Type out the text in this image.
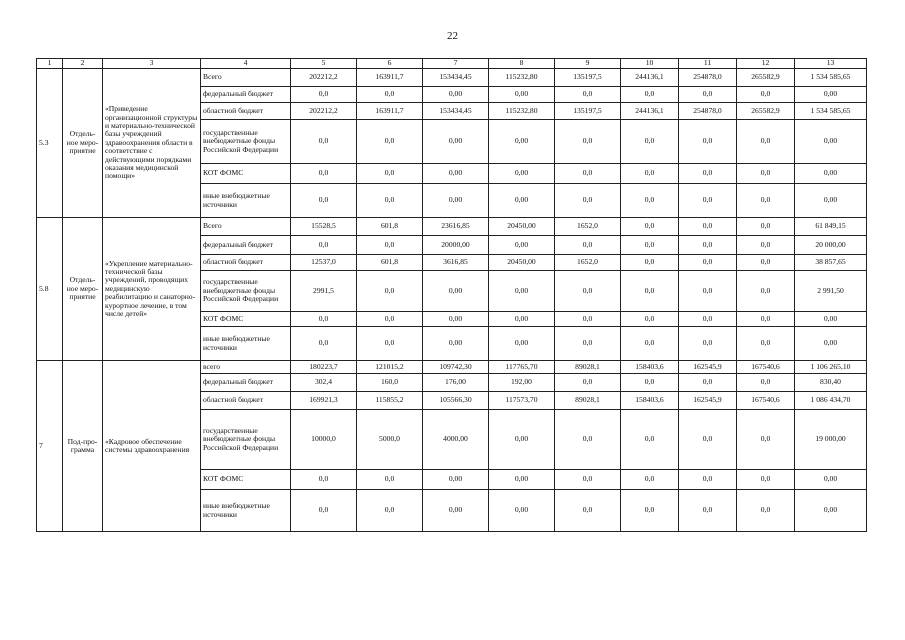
22
1	2	3	4	5	6	7	8	9	10	11	12	13
5.3	Отдель-ное меро-приятие	«Приведение организационной структуры и материально-технической базы учреждений здравоохранения области в соответствие с действующими порядками оказания медицинской помощи»	Всего	202212,2	163911,7	153434,45	115232,80	135197,5	244136,1	254878,0	265582,9	1 534 585,65
			федеральный бюджет	0,0	0,0	0,00	0,00	0,0	0,0	0,0	0,0	0,00
			областной бюджет	202212,2	163911,7	153434,45	115232,80	135197,5	244136,1	254878,0	265582,9	1 534 585,65
			государственные внебюджетные фонды Российской Федерации	0,0	0,0	0,00	0,00	0,0	0,0	0,0	0,0	0,00
			КОТ ФОМС	0,0	0,0	0,00	0,00	0,0	0,0	0,0	0,0	0,00
			иные внебюджетные источники	0,0	0,0	0,00	0,00	0,0	0,0	0,0	0,0	0,00
5.8	Отдель-ное меро-приятие	«Укрепление материально-технической базы учреждений, проводящих медицинскую реабилитацию и санаторно-курортное лечение, в том числе детей»	Всего	15528,5	601,8	23616,85	20450,00	1652,0	0,0	0,0	0,0	61 849,15
			федеральный бюджет	0,0	0,0	20000,00	0,00	0,0	0,0	0,0	0,0	20 000,00
			областной бюджет	12537,0	601,8	3616,85	20450,00	1652,0	0,0	0,0	0,0	38 857,65
			государственные внебюджетные фонды Российской Федерации	2991,5	0,0	0,00	0,00	0,0	0,0	0,0	0,0	2 991,50
			КОТ ФОМС	0,0	0,0	0,00	0,00	0,0	0,0	0,0	0,0	0,00
			иные внебюджетные источники	0,0	0,0	0,00	0,00	0,0	0,0	0,0	0,0	0,00
7	Под-про-грамма	«Кадровое обеспечение системы здравоохранения	всего	180223,7	121015,2	109742,30	117765,70	89028,1	158403,6	162545,9	167540,6	1 106 265,10
			федеральный бюджет	302,4	160,0	176,00	192,00	0,0	0,0	0,0	0,0	830,40
			областной бюджет	169921,3	115855,2	105566,30	117573,70	89028,1	158403,6	162545,9	167540,6	1 086 434,70
			государственные внебюджетные фонды Российской Федерации	10000,0	5000,0	4000,00	0,00	0,0	0,0	0,0	0,0	19 000,00
			КОТ ФОМС	0,0	0,0	0,00	0,00	0,0	0,0	0,0	0,0	0,00
			иные внебюджетные источники	0,0	0,0	0,00	0,00	0,0	0,0	0,0	0,0	0,00
